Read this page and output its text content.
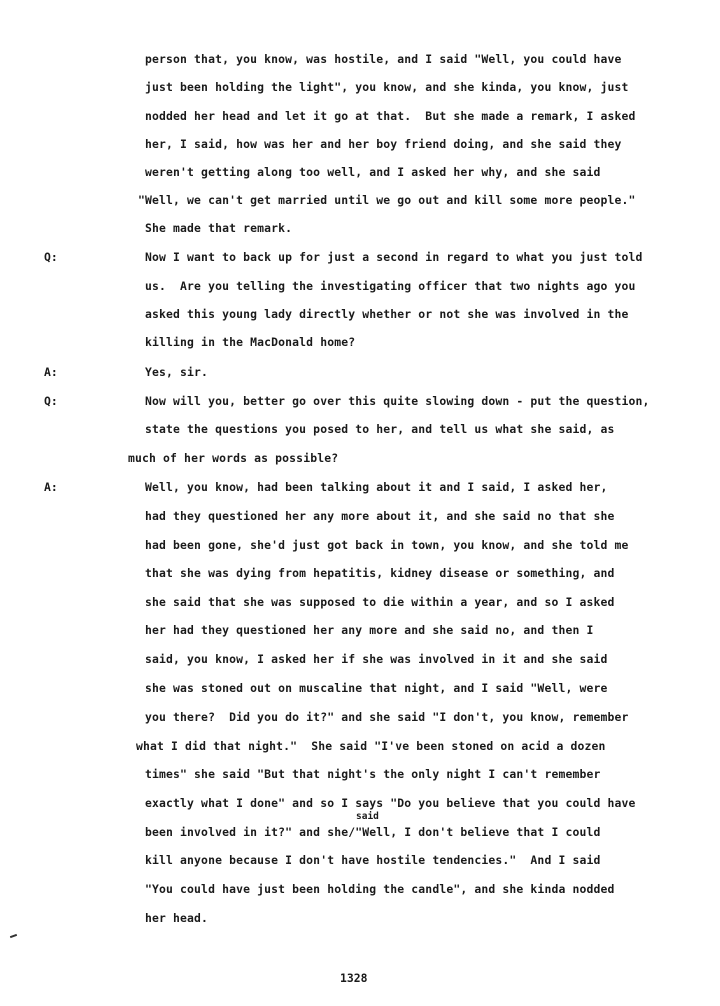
person that, you know, was hostile, and I said "Well, you could have
just been holding the light", you know, and she kinda, you know, just
nodded her head and let it go at that.  But she made a remark, I asked
her, I said, how was her and her boy friend doing, and she said they
weren't getting along too well, and I asked her why, and she said
"Well, we can't get married until we go out and kill some more people."
She made that remark.
Q:	Now I want to back up for just a second in regard to what you just told
us.  Are you telling the investigating officer that two nights ago you
asked this young lady directly whether or not she was involved in the
killing in the MacDonald home?
A:	Yes, sir.
Q:	Now will you, better go over this quite slowing down - put the question,
state the questions you posed to her, and tell us what she said, as
much of her words as possible?
A:	Well, you know, had been talking about it and I said, I asked her,
had they questioned her any more about it, and she said no that she
had been gone, she'd just got back in town, you know, and she told me
that she was dying from hepatitis, kidney disease or something, and
she said that she was supposed to die within a year, and so I asked
her had they questioned her any more and she said no, and then I
said, you know, I asked her if she was involved in it and she said
she was stoned out on muscaline that night, and I said "Well, were
you there?  Did you do it?" and she said "I don't, you know, remember
what I did that night."  She said "I've been stoned on acid a dozen
times" she said "But that night's the only night I can't remember
exactly what I done" and so I says "Do you believe that you could have
said
been involved in it?" and she/"Well, I don't believe that I could
kill anyone because I don't have hostile tendencies."  And I said
"You could have just been holding the candle", and she kinda nodded
her head.
1328
